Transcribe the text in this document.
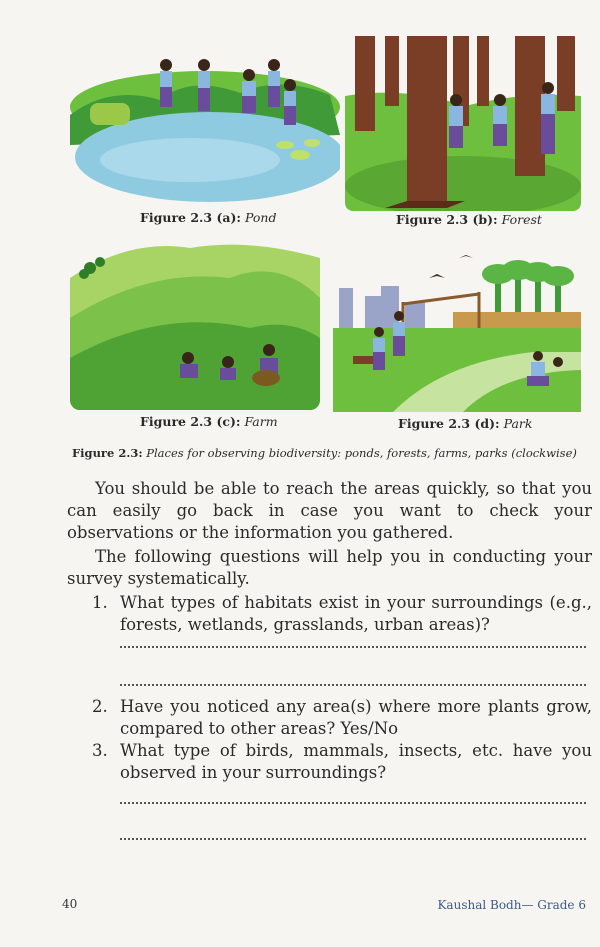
Figure 2.3 (a): Pond	Figure 2.3 (b): Forest
Figure 2.3 (c): Farm	Figure 2.3 (d): Park
Figure 2.3: Places for observing biodiversity: ponds, forests, farms, parks (clockwise)

You should be able to reach the areas quickly, so that you can easily go back in case you want to check your observations or the information you gathered.

The following questions will help you in conducting your survey systematically.

1. What types of habitats exist in your surroundings (e.g., forests, wetlands, grasslands, urban areas)?
2. Have you noticed any area(s) where more plants grow, compared to other areas? Yes/No
3. What type of birds, mammals, insects, etc. have you observed in your surroundings?
40	Kaushal Bodh— Grade 6
